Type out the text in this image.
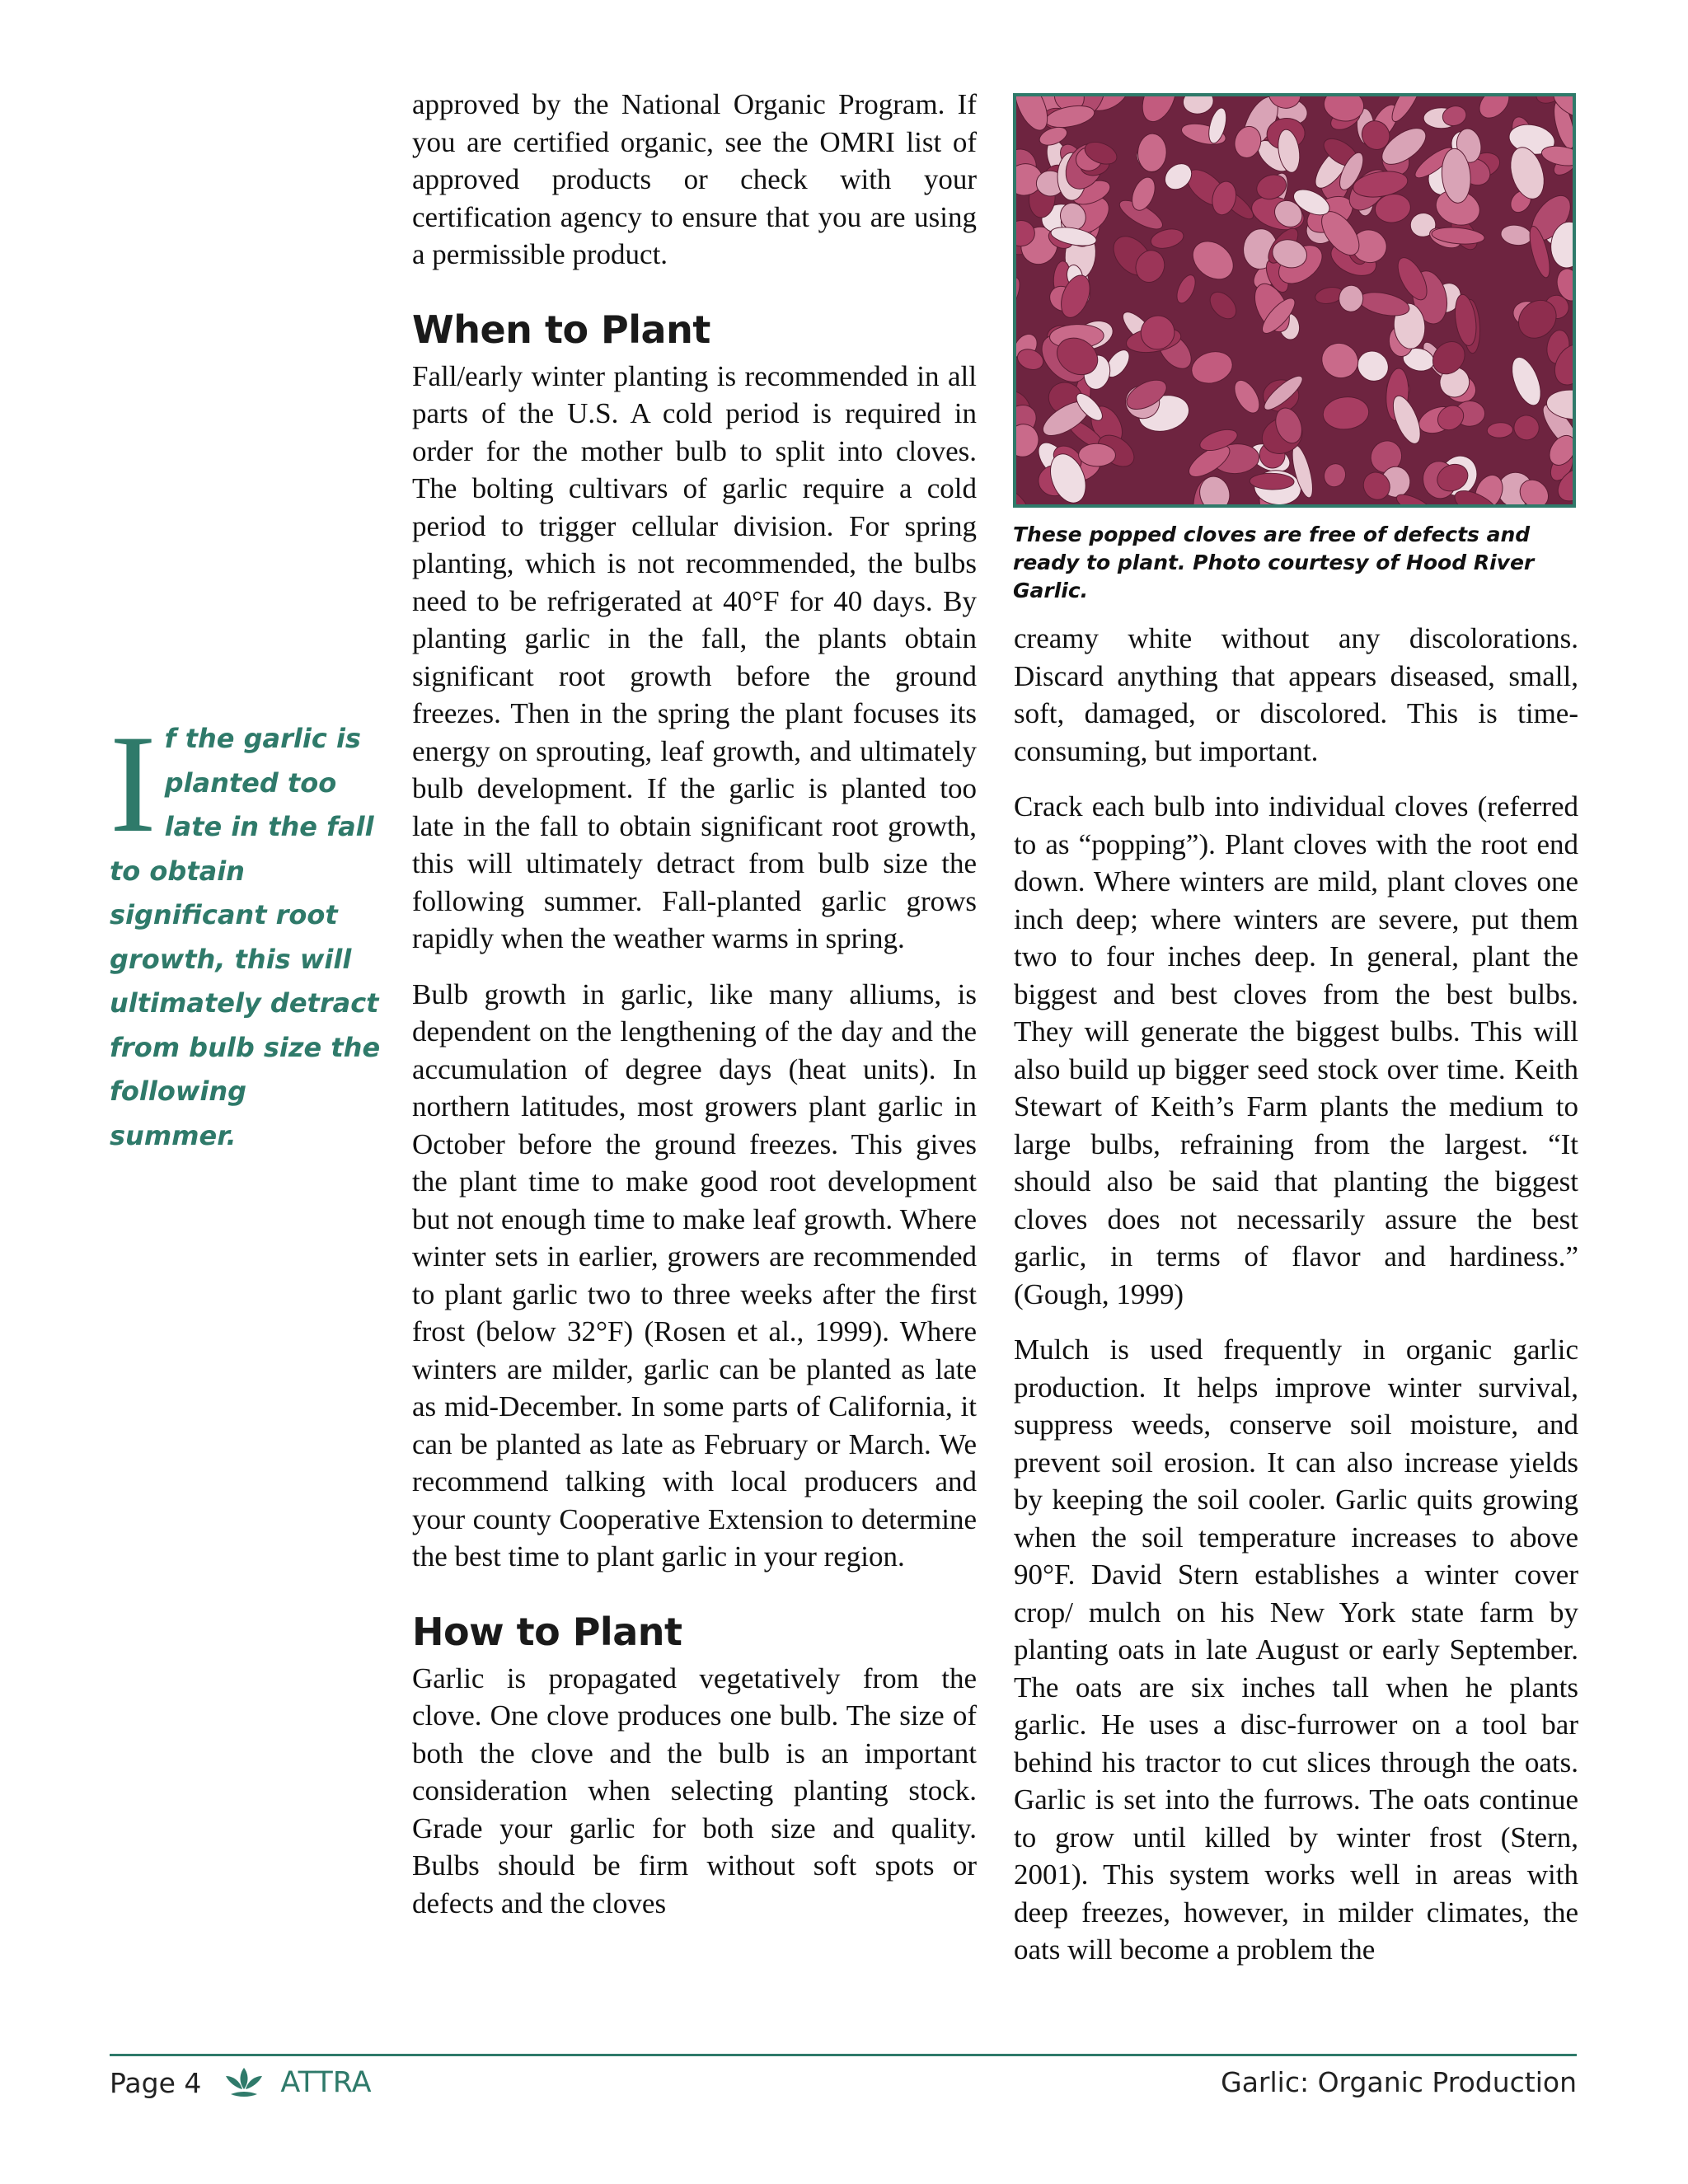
If the garlic is planted too late in the fall to obtain significant root growth, this will ultimately detract from bulb size the following summer.

approved by the National Organic Program. If you are certified organic, see the OMRI list of approved products or check with your certification agency to ensure that you are using a permissible product.

When to Plant

Fall/early winter planting is recommended in all parts of the U.S. A cold period is required in order for the mother bulb to split into cloves. The bolting cultivars of garlic require a cold period to trigger cellular division. For spring planting, which is not recommended, the bulbs need to be refrigerated at 40°F for 40 days. By planting garlic in the fall, the plants obtain significant root growth before the ground freezes. Then in the spring the plant focuses its energy on sprouting, leaf growth, and ultimately bulb development. If the garlic is planted too late in the fall to obtain significant root growth, this will ultimately detract from bulb size the following summer. Fall-planted garlic grows rapidly when the weather warms in spring.

Bulb growth in garlic, like many alliums, is dependent on the lengthening of the day and the accumulation of degree days (heat units). In northern latitudes, most growers plant garlic in October before the ground freezes. This gives the plant time to make good root development but not enough time to make leaf growth. Where winter sets in earlier, growers are recommended to plant garlic two to three weeks after the first frost (below 32°F) (Rosen et al., 1999). Where winters are milder, garlic can be planted as late as mid-December. In some parts of California, it can be planted as late as February or March. We recommend talking with local producers and your county Cooperative Extension to determine the best time to plant garlic in your region.

How to Plant

Garlic is propagated vegetatively from the clove. One clove produces one bulb. The size of both the clove and the bulb is an important consideration when selecting planting stock. Grade your garlic for both size and quality. Bulbs should be firm without soft spots or defects and the cloves

These popped cloves are free of defects and ready to plant. Photo courtesy of Hood River Garlic.

creamy white without any discolorations. Discard anything that appears diseased, small, soft, damaged, or discolored. This is time-consuming, but important.

Crack each bulb into individual cloves (referred to as “popping”). Plant cloves with the root end down. Where winters are mild, plant cloves one inch deep; where winters are severe, put them two to four inches deep. In general, plant the biggest and best cloves from the best bulbs. They will generate the biggest bulbs. This will also build up bigger seed stock over time. Keith Stewart of Keith’s Farm plants the medium to large bulbs, refraining from the largest. “It should also be said that planting the biggest cloves does not necessarily assure the best garlic, in terms of flavor and hardiness.” (Gough, 1999)

Mulch is used frequently in organic garlic production. It helps improve winter survival, suppress weeds, conserve soil moisture, and prevent soil erosion. It can also increase yields by keeping the soil cooler. Garlic quits growing when the soil temperature increases to above 90°F. David Stern establishes a winter cover crop/ mulch on his New York state farm by planting oats in late August or early September. The oats are six inches tall when he plants garlic. He uses a disc-furrower on a tool bar behind his tractor to cut slices through the oats. Garlic is set into the furrows. The oats continue to grow until killed by winter frost (Stern, 2001). This system works well in areas with deep freezes, however, in milder climates, the oats will become a problem the

Page 4	ATTRA	Garlic: Organic Production
